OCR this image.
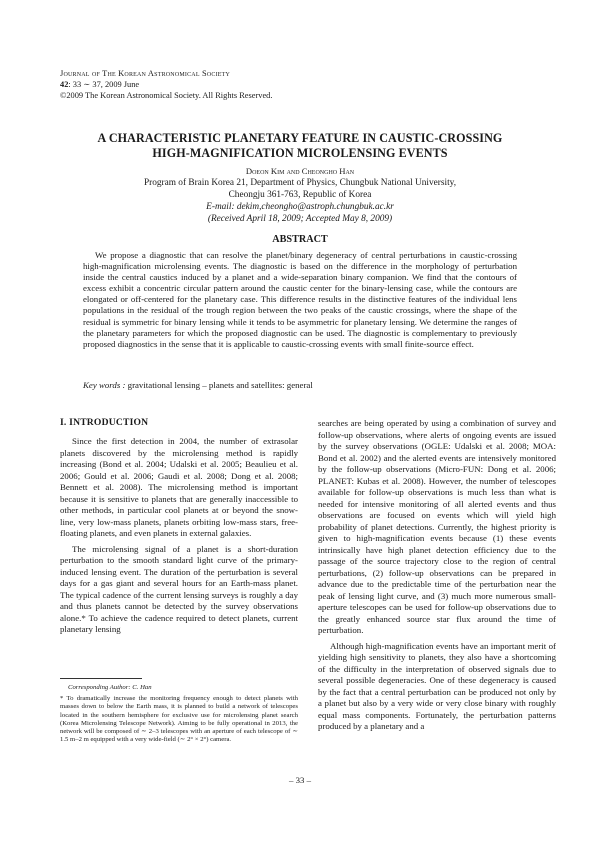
Journal of The Korean Astronomical Society
42: 33 ∼ 37, 2009 June
©2009 The Korean Astronomical Society. All Rights Reserved.
A CHARACTERISTIC PLANETARY FEATURE IN CAUSTIC-CROSSING
HIGH-MAGNIFICATION MICROLENSING EVENTS
Doeon Kim and Cheongho Han
Program of Brain Korea 21, Department of Physics, Chungbuk National University,
Cheongju 361-763, Republic of Korea
E-mail: dekim,cheongho@astroph.chungbuk.ac.kr
(Received April 18, 2009; Accepted May 8, 2009)
ABSTRACT
We propose a diagnostic that can resolve the planet/binary degeneracy of central perturbations in caustic-crossing high-magnification microlensing events. The diagnostic is based on the difference in the morphology of perturbation inside the central caustics induced by a planet and a wide-separation binary companion. We find that the contours of excess exhibit a concentric circular pattern around the caustic center for the binary-lensing case, while the contours are elongated or off-centered for the planetary case. This difference results in the distinctive features of the individual lens populations in the residual of the trough region between the two peaks of the caustic crossings, where the shape of the residual is symmetric for binary lensing while it tends to be asymmetric for planetary lensing. We determine the ranges of the planetary parameters for which the proposed diagnostic can be used. The diagnostic is complementary to previously proposed diagnostics in the sense that it is applicable to caustic-crossing events with small finite-source effect.
Key words : gravitational lensing – planets and satellites: general
I. INTRODUCTION

Since the first detection in 2004, the number of extrasolar planets discovered by the microlensing method is rapidly increasing (Bond et al. 2004; Udalski et al. 2005; Beaulieu et al. 2006; Gould et al. 2006; Gaudi et al. 2008; Dong et al. 2008; Bennett et al. 2008). The microlensing method is important because it is sensitive to planets that are generally inaccessible to other methods, in particular cool planets at or beyond the snow-line, very low-mass planets, planets orbiting low-mass stars, free-floating planets, and even planets in external galaxies.

The microlensing signal of a planet is a short-duration perturbation to the smooth standard light curve of the primary-induced lensing event. The duration of the perturbation is several days for a gas giant and several hours for an Earth-mass planet. The typical cadence of the current lensing surveys is roughly a day and thus planets cannot be detected by the survey observations alone.* To achieve the cadence required to detect planets, current planetary lensing

searches are being operated by using a combination of survey and follow-up observations, where alerts of ongoing events are issued by the survey observations (OGLE: Udalski et al. 2008; MOA: Bond et al. 2002) and the alerted events are intensively monitored by the follow-up observations (Micro-FUN: Dong et al. 2006; PLANET: Kubas et al. 2008). However, the number of telescopes available for follow-up observations is much less than what is needed for intensive monitoring of all alerted events and thus observations are focused on events which will yield high probability of planet detections. Currently, the highest priority is given to high-magnification events because (1) these events intrinsically have high planet detection efficiency due to the passage of the source trajectory close to the region of central perturbations, (2) follow-up observations can be prepared in advance due to the predictable time of the perturbation near the peak of lensing light curve, and (3) much more numerous small-aperture telescopes can be used for follow-up observations due to the greatly enhanced source star flux around the time of perturbation.

Although high-magnification events have an important merit of yielding high sensitivity to planets, they also have a shortcoming of the difficulty in the interpretation of observed signals due to several possible degeneracies. One of these degeneracy is caused by the fact that a central perturbation can be produced not only by a planet but also by a very wide or very close binary with roughly equal mass components. Fortunately, the perturbation patterns produced by a planetary and a

Corresponding Author: C. Han
* To dramatically increase the monitoring frequency enough to detect planets with masses down to below the Earth mass, it is planned to build a network of telescopes located in the southern hemisphere for exclusive use for microlensing planet search (Korea Microlensing Telescope Network). Aiming to be fully operational in 2013, the network will be composed of ∼ 2–3 telescopes with an aperture of each telescope of ∼ 1.5 m–2 m equipped with a very wide-field (∼ 2° × 2°) camera.
– 33 –
